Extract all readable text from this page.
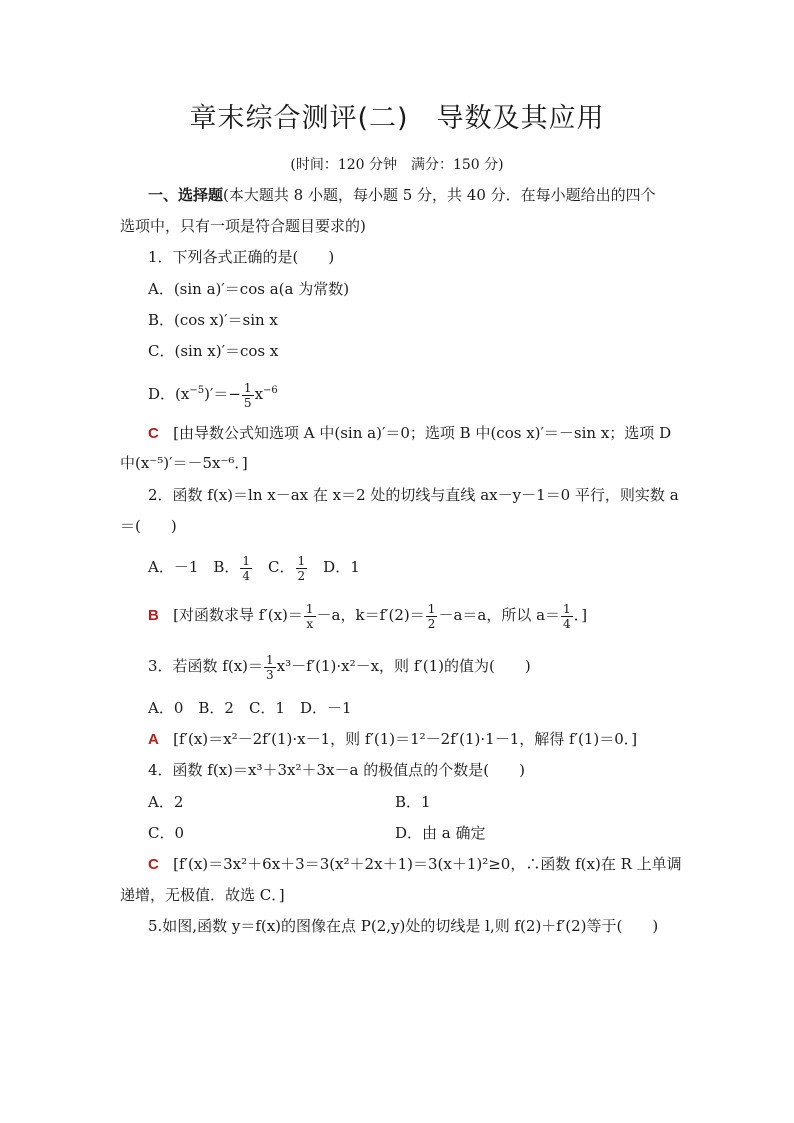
章末综合测评(二) 导数及其应用
(时间：120 分钟　满分：150 分)
一、选择题(本大题共 8 小题，每小题 5 分，共 40 分．在每小题给出的四个
选项中，只有一项是符合题目要求的)
1．下列各式正确的是(　　)
A．(sin a)′＝cos a(a 为常数)
B．(cos x)′＝sin x
C．(sin x)′＝cos x
D．$(x^{-5})'=- \frac{1}{5} x^{-6}$
C [由导数公式知选项 A 中(sin a)′＝0；选项 B 中(cos x)′＝－sin x；选项 D
中(x⁻⁵)′＝－5x⁻⁶．]
2．函数 f(x)＝ln x－ax 在 x＝2 处的切线与直线 ax－y－1＝0 平行，则实数 a
＝(　　)
A．－1　B． $\frac{1}{4}$ 　C． $\frac{1}{2}$ 　D．1
B [对函数求导 $f'(x)= \frac{1}{x} -a$，$k=f'(2)= \frac{1}{2} -a=a$，所以 $a= \frac{1}{4}$ ．]
3．若函数 $f(x)= \frac{1}{3} x^3-f'(1)\cdot x^2-x$，则 f′(1)的值为(　　)
A．0　B．2　C．1　D．－1
A [f′(x)＝x²－2f′(1)·x－1，则 f′(1)＝1²－2f′(1)·1－1，解得 f′(1)＝0．]
4．函数 f(x)＝x³＋3x²＋3x－a 的极值点的个数是(　　)
A．2	B．1
C．0	D．由 a 确定
C [f′(x)＝3x²＋6x＋3＝3(x²＋2x＋1)＝3(x＋1)²≥0，∴函数 f(x)在 R 上单调
递增，无极值．故选 C．]
5.如图,函数 y＝f(x)的图像在点 P(2,y)处的切线是 l,则 f(2)＋f′(2)等于(　　)
